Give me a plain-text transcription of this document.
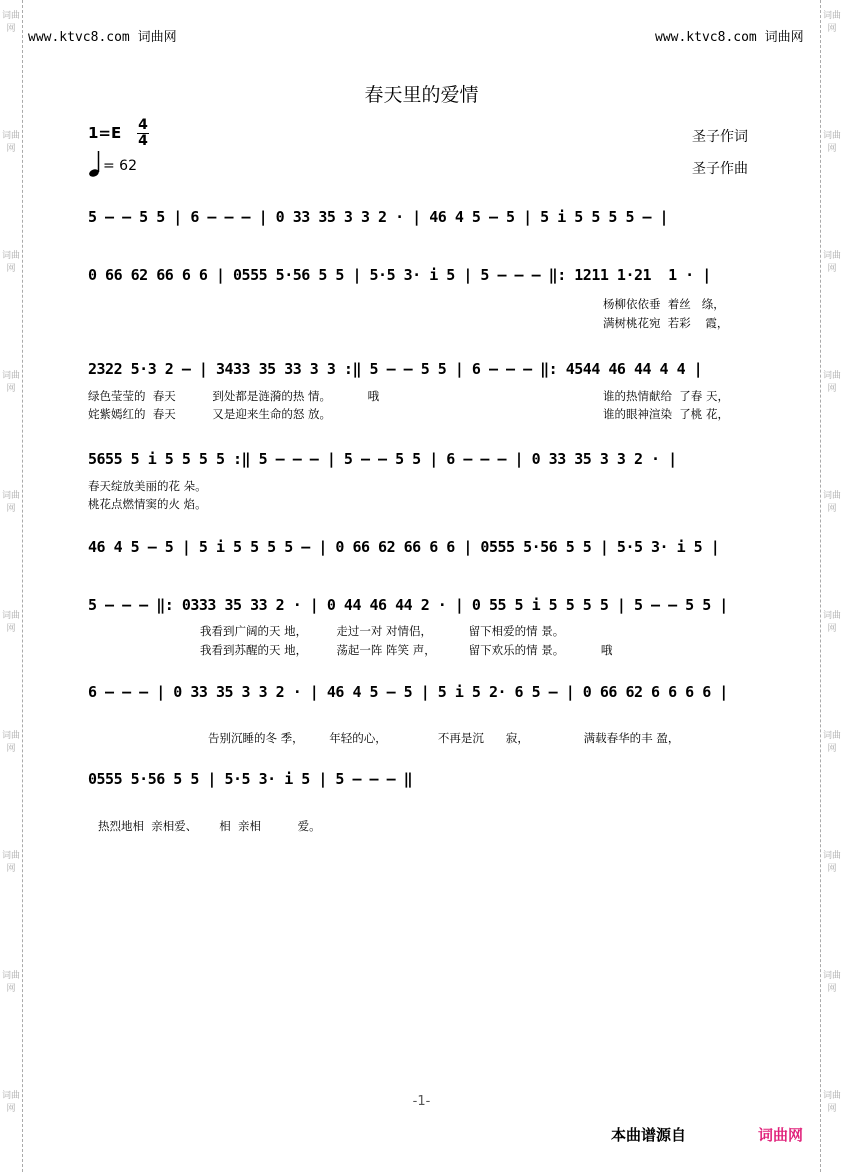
词曲网
词曲网
词曲网
词曲网
词曲网
词曲网
词曲网
词曲网
词曲网
词曲网
词曲网
词曲网
词曲网
词曲网
词曲网
词曲网
词曲网
词曲网
词曲网
词曲网
www.ktvc8.com 词曲网	www.ktvc8.com 词曲网
春天里的爱情
1=E	4
4
= 62
圣子作词
圣子作曲
5 — — 5 5 | 6 — — — | 0 33 35 3 3 2 · | 46 4 5 — 5 | 5 i 5 5 5 5 — |
0 66 62 66 6 6 | 0555 5·56 5 5 | 5·5 3· i 5 | 5 — — — ‖: 1211 1·21  1 · |
杨柳依依垂  着丝   绦，
满树桃花宛  若彩    霞，
2322 5·3 2 — | 3433 35 33 3 3 :‖ 5 — — 5 5 | 6 — — — ‖: 4544 46 44 4 4 |
绿色莹莹的  春天          到处都是涟漪的热 情。          哦
姹紫嫣红的  春天          又是迎来生命的怒 放。
谁的热情献给  了春 天，
谁的眼神渲染  了桃 花，
5655 5 i 5 5 5 5 :‖ 5 — — — | 5 — — 5 5 | 6 — — — | 0 33 35 3 3 2 · |
春天绽放美丽的花 朵。
桃花点燃情窦的火 焰。
46 4 5 — 5 | 5 i 5 5 5 5 — | 0 66 62 66 6 6 | 0555 5·56 5 5 | 5·5 3· i 5 |
5 — — — ‖: 0333 35 33 2 · | 0 44 46 44 2 · | 0 55 5 i 5 5 5 5 | 5 — — 5 5 |
我看到广阔的天 地，        走过一对 对情侣，          留下相爱的情 景。
我看到苏醒的天 地，        荡起一阵 阵笑 声，         留下欢乐的情 景。          哦
6 — — — | 0 33 35 3 3 2 · | 46 4 5 — 5 | 5 i 5 2· 6 5 — | 0 66 62 6 6 6 6 |
告别沉睡的冬 季，       年轻的心，              不再是沉      寂，               满载春华的丰 盈，
0555 5·56 5 5 | 5·5 3· i 5 | 5 — — — ‖
热烈地相  亲相爱、      相  亲相          爱。
-1-
本曲谱源自	词曲网
